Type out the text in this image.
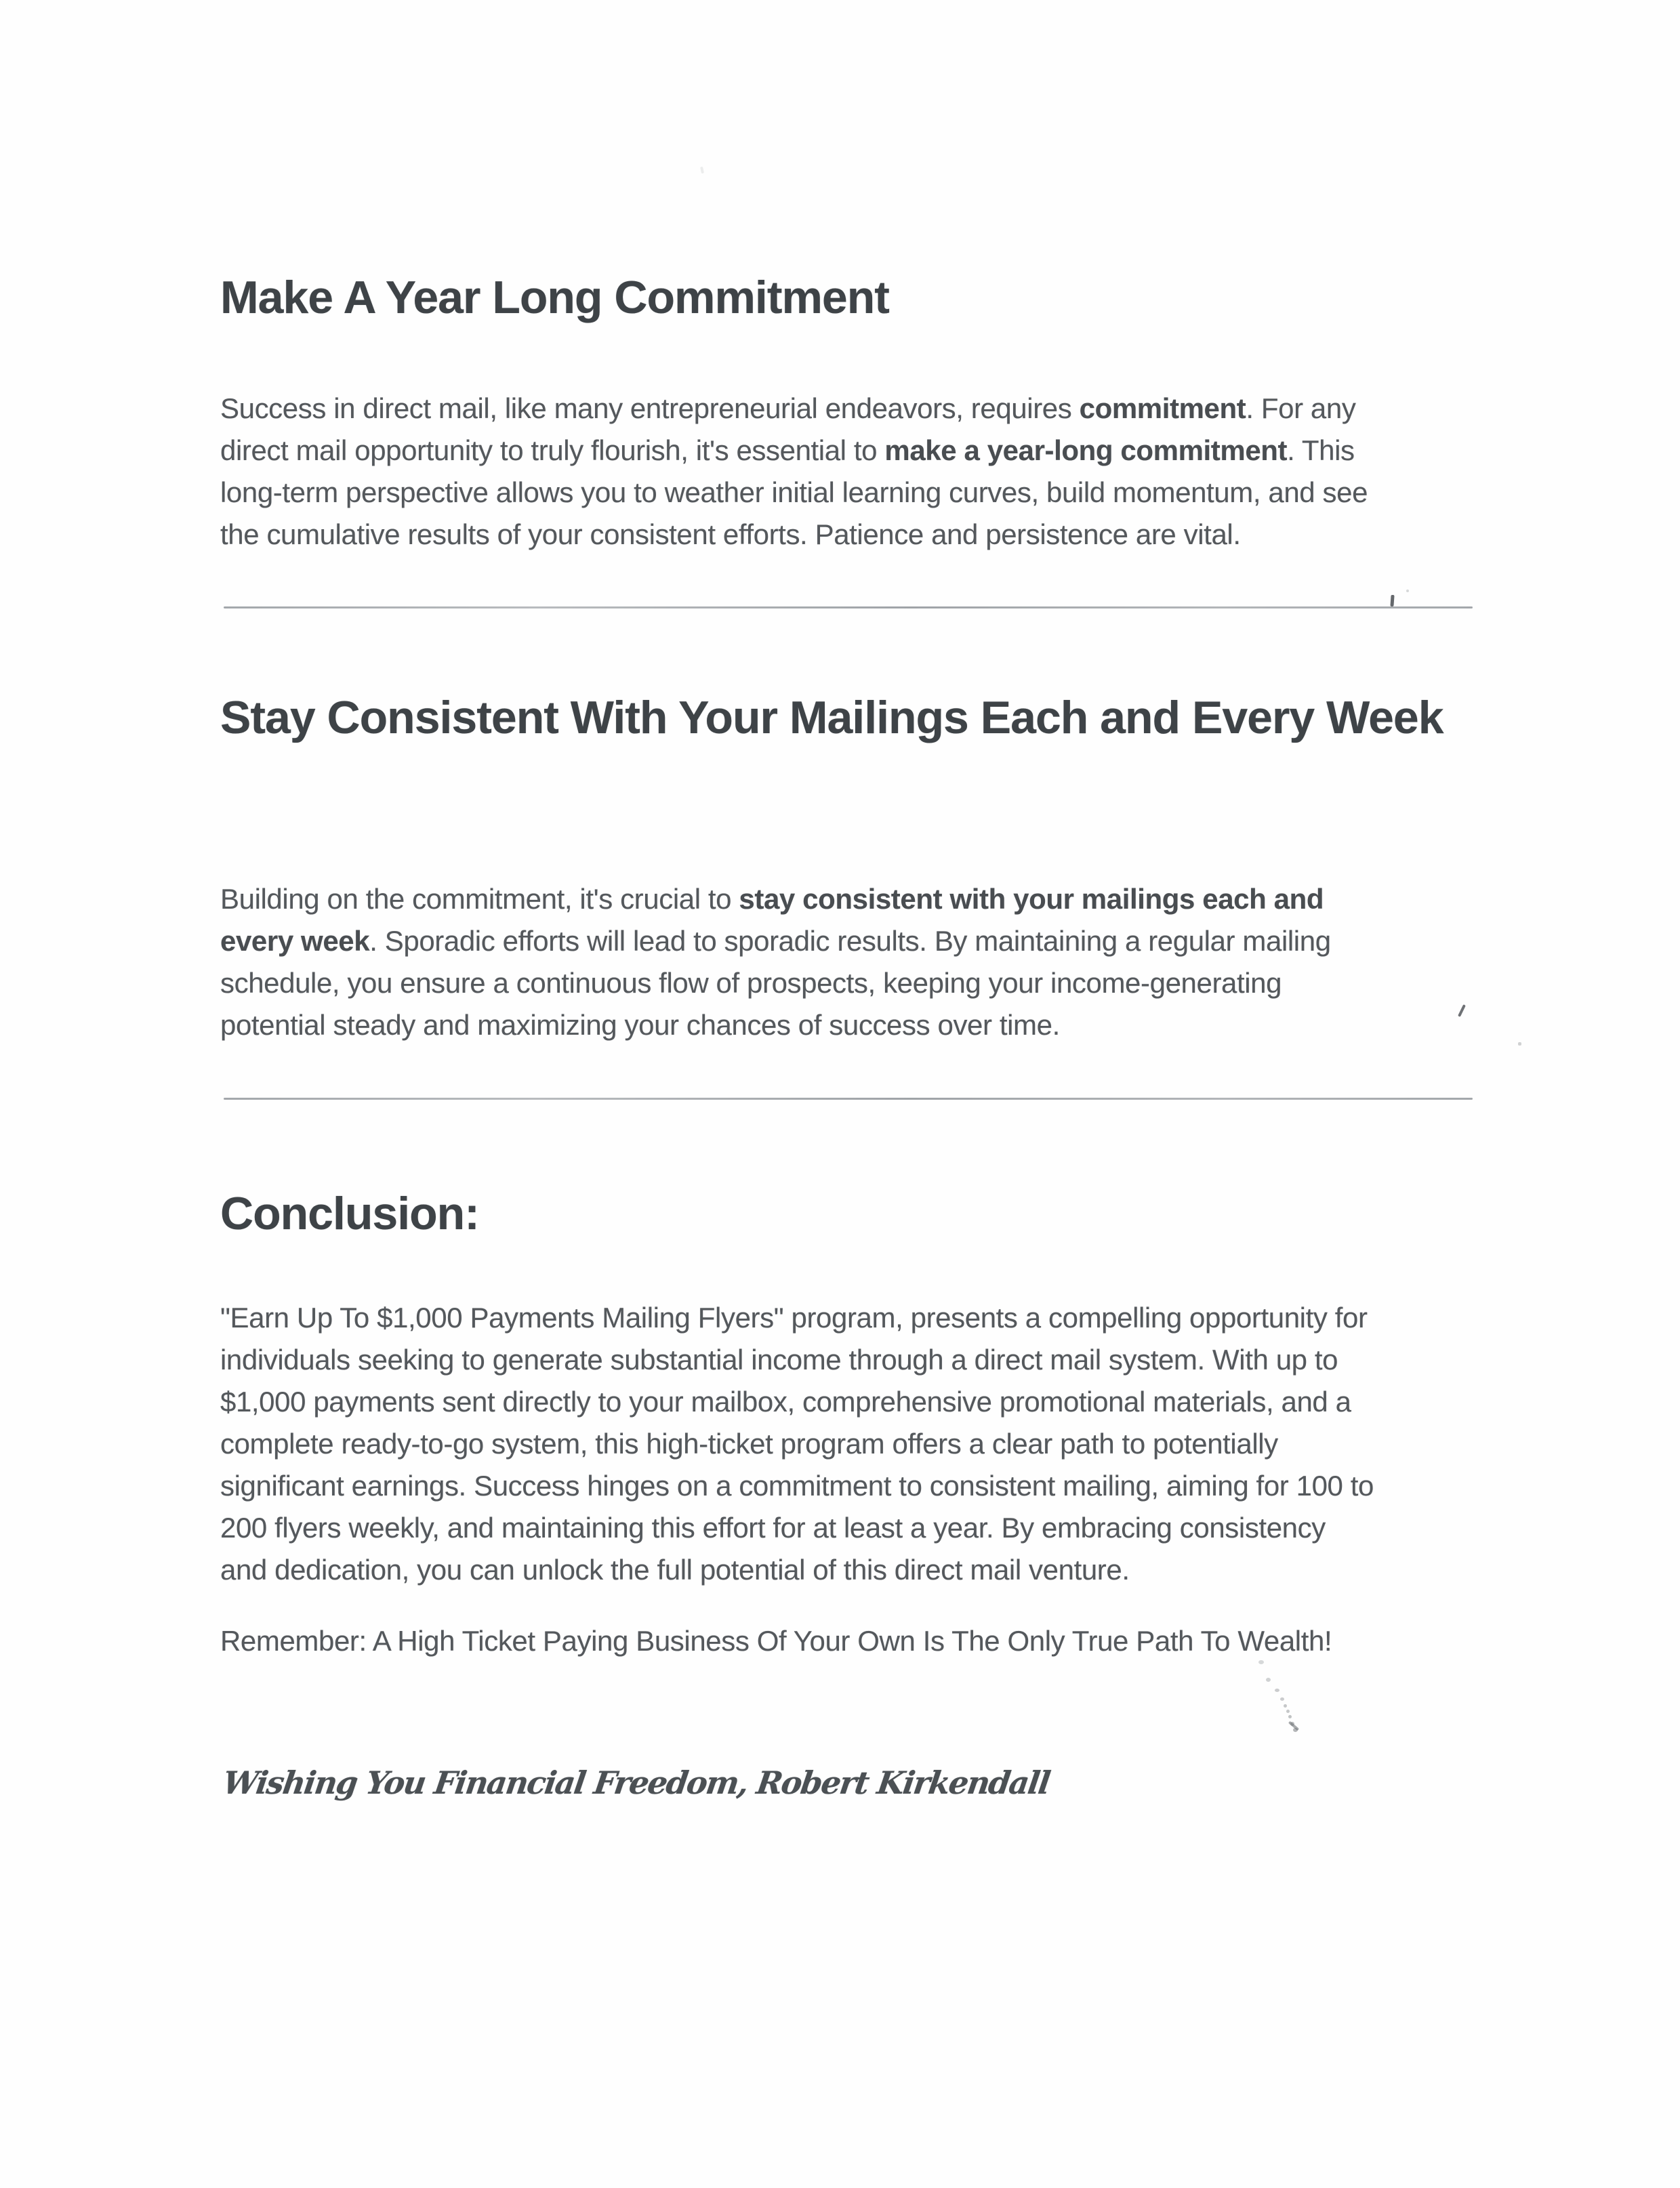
Make A Year Long Commitment
Success in direct mail, like many entrepreneurial endeavors, requires commitment. For any
direct mail opportunity to truly flourish, it's essential to make a year-long commitment. This
long-term perspective allows you to weather initial learning curves, build momentum, and see
the cumulative results of your consistent efforts. Patience and persistence are vital.
Stay Consistent With Your Mailings Each and Every Week
Building on the commitment, it's crucial to stay consistent with your mailings each and
every week. Sporadic efforts will lead to sporadic results. By maintaining a regular mailing
schedule, you ensure a continuous flow of prospects, keeping your income-generating
potential steady and maximizing your chances of success over time.
Conclusion:
"Earn Up To $1,000 Payments Mailing Flyers" program, presents a compelling opportunity for
individuals seeking to generate substantial income through a direct mail system. With up to
$1,000 payments sent directly to your mailbox, comprehensive promotional materials, and a
complete ready-to-go system, this high-ticket program offers a clear path to potentially
significant earnings. Success hinges on a commitment to consistent mailing, aiming for 100 to
200 flyers weekly, and maintaining this effort for at least a year. By embracing consistency
and dedication, you can unlock the full potential of this direct mail venture.
Remember: A High Ticket Paying Business Of Your Own Is The Only True Path To Wealth!
Wishing You Financial Freedom, Robert Kirkendall
